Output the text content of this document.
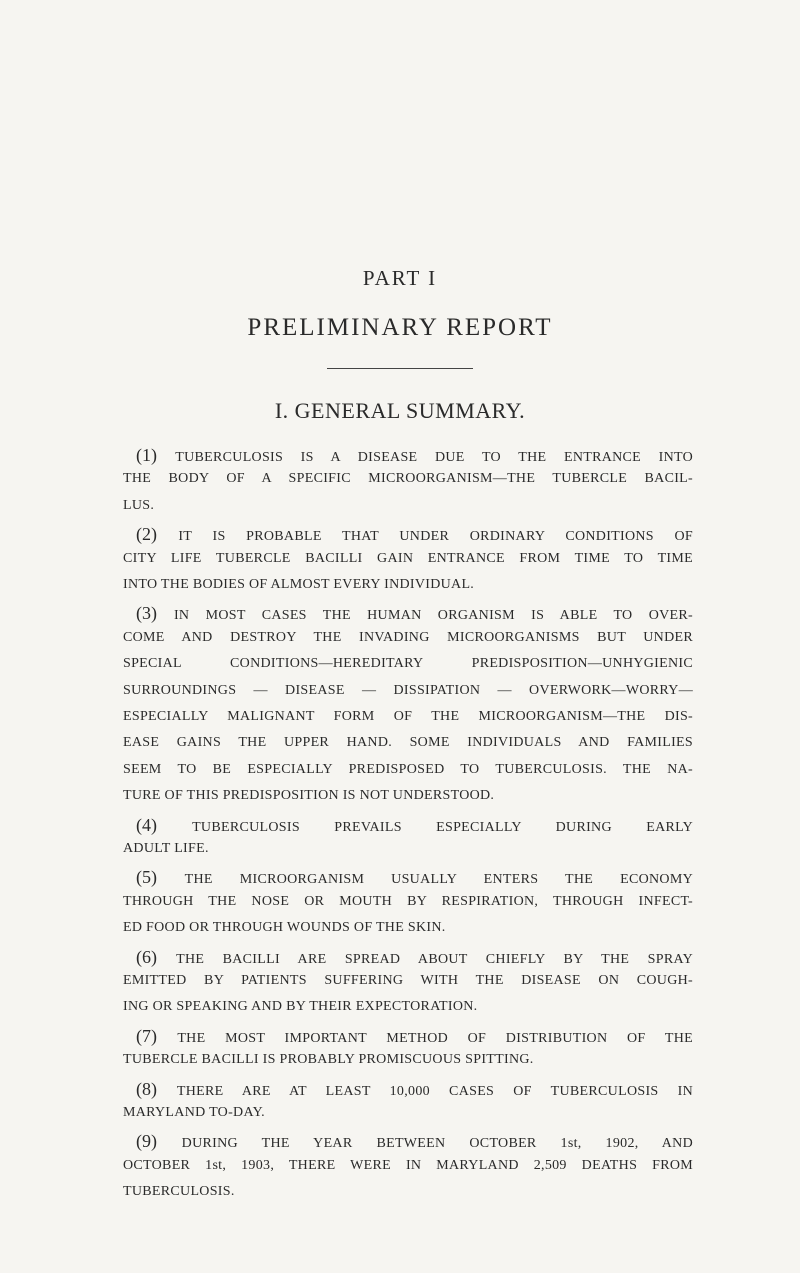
PART I
PRELIMINARY REPORT
I. GENERAL SUMMARY.
(1) TUBERCULOSIS IS A DISEASE DUE TO THE ENTRANCE INTO
THE BODY OF A SPECIFIC MICROORGANISM—THE TUBERCLE BACIL-
LUS.
(2) IT IS PROBABLE THAT UNDER ORDINARY CONDITIONS OF
CITY LIFE TUBERCLE BACILLI GAIN ENTRANCE FROM TIME TO TIME
INTO THE BODIES OF ALMOST EVERY INDIVIDUAL.
(3) IN MOST CASES THE HUMAN ORGANISM IS ABLE TO OVER-
COME AND DESTROY THE INVADING MICROORGANISMS BUT UNDER
SPECIAL CONDITIONS—HEREDITARY PREDISPOSITION—UNHYGIENIC
SURROUNDINGS — DISEASE — DISSIPATION — OVERWORK—WORRY—
ESPECIALLY MALIGNANT FORM OF THE MICROORGANISM—THE DIS-
EASE GAINS THE UPPER HAND. SOME INDIVIDUALS AND FAMILIES
SEEM TO BE ESPECIALLY PREDISPOSED TO TUBERCULOSIS. THE NA-
TURE OF THIS PREDISPOSITION IS NOT UNDERSTOOD.
(4) TUBERCULOSIS PREVAILS ESPECIALLY DURING EARLY
ADULT LIFE.
(5) THE MICROORGANISM USUALLY ENTERS THE ECONOMY
THROUGH THE NOSE OR MOUTH BY RESPIRATION, THROUGH INFECT-
ED FOOD OR THROUGH WOUNDS OF THE SKIN.
(6) THE BACILLI ARE SPREAD ABOUT CHIEFLY BY THE SPRAY
EMITTED BY PATIENTS SUFFERING WITH THE DISEASE ON COUGH-
ING OR SPEAKING AND BY THEIR EXPECTORATION.
(7) THE MOST IMPORTANT METHOD OF DISTRIBUTION OF THE
TUBERCLE BACILLI IS PROBABLY PROMISCUOUS SPITTING.
(8) THERE ARE AT LEAST 10,000 CASES OF TUBERCULOSIS IN
MARYLAND TO-DAY.
(9) DURING THE YEAR BETWEEN OCTOBER 1st, 1902, AND
OCTOBER 1st, 1903, THERE WERE IN MARYLAND 2,509 DEATHS FROM
TUBERCULOSIS.
